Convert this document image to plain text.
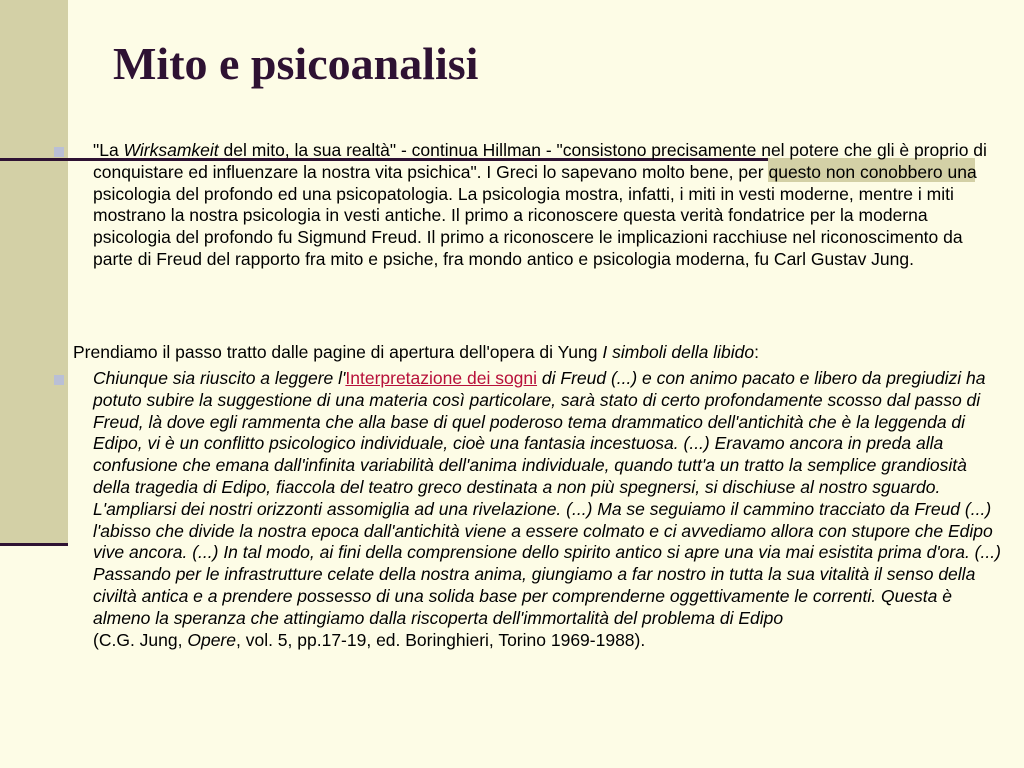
Mito e psicoanalisi
"La Wirksamkeit del mito, la sua realtà" - continua Hillman - "consistono precisamente nel potere che gli è proprio di conquistare ed influenzare la nostra vita psichica". I Greci lo sapevano molto bene, per questo non conobbero una psicologia del profondo ed una psicopatologia. La psicologia mostra, infatti, i miti in vesti moderne, mentre i miti mostrano la nostra psicologia in vesti antiche. Il primo a riconoscere questa verità fondatrice per la moderna psicologia del profondo fu Sigmund Freud. Il primo a riconoscere le implicazioni racchiuse nel riconoscimento da parte di Freud del rapporto fra mito e psiche, fra mondo antico e psicologia moderna, fu Carl Gustav Jung.
Prendiamo il passo tratto dalle pagine di apertura dell'opera di Yung I simboli della libido:
Chiunque sia riuscito a leggere l'Interpretazione dei sogni di Freud (...) e con animo pacato e libero da pregiudizi ha potuto subire la suggestione di una materia così particolare, sarà stato di certo profondamente scosso dal passo di Freud, là dove egli rammenta che alla base di quel poderoso tema drammatico dell'antichità che è la leggenda di Edipo, vi è un conflitto psicologico individuale, cioè una fantasia incestuosa. (...) Eravamo ancora in preda alla confusione che emana dall'infinita variabilità dell'anima individuale, quando tutt'a un tratto la semplice grandiosità della tragedia di Edipo, fiaccola del teatro greco destinata a non più spegnersi, si dischiuse al nostro sguardo. L'ampliarsi dei nostri orizzonti assomiglia ad una rivelazione. (...) Ma se seguiamo il cammino tracciato da Freud (...) l'abisso che divide la nostra epoca dall'antichità viene a essere colmato e ci avvediamo allora con stupore che Edipo vive ancora. (...) In tal modo, ai fini della comprensione dello spirito antico si apre una via mai esistita prima d'ora. (...) Passando per le infrastrutture celate della nostra anima, giungiamo a far nostro in tutta la sua vitalità il senso della civiltà antica e a prendere possesso di una solida base per comprenderne oggettivamente le correnti. Questa è almeno la speranza che attingiamo dalla riscoperta dell'immortalità del problema di Edipo
(C.G. Jung, Opere, vol. 5, pp.17-19, ed. Boringhieri, Torino 1969-1988).
